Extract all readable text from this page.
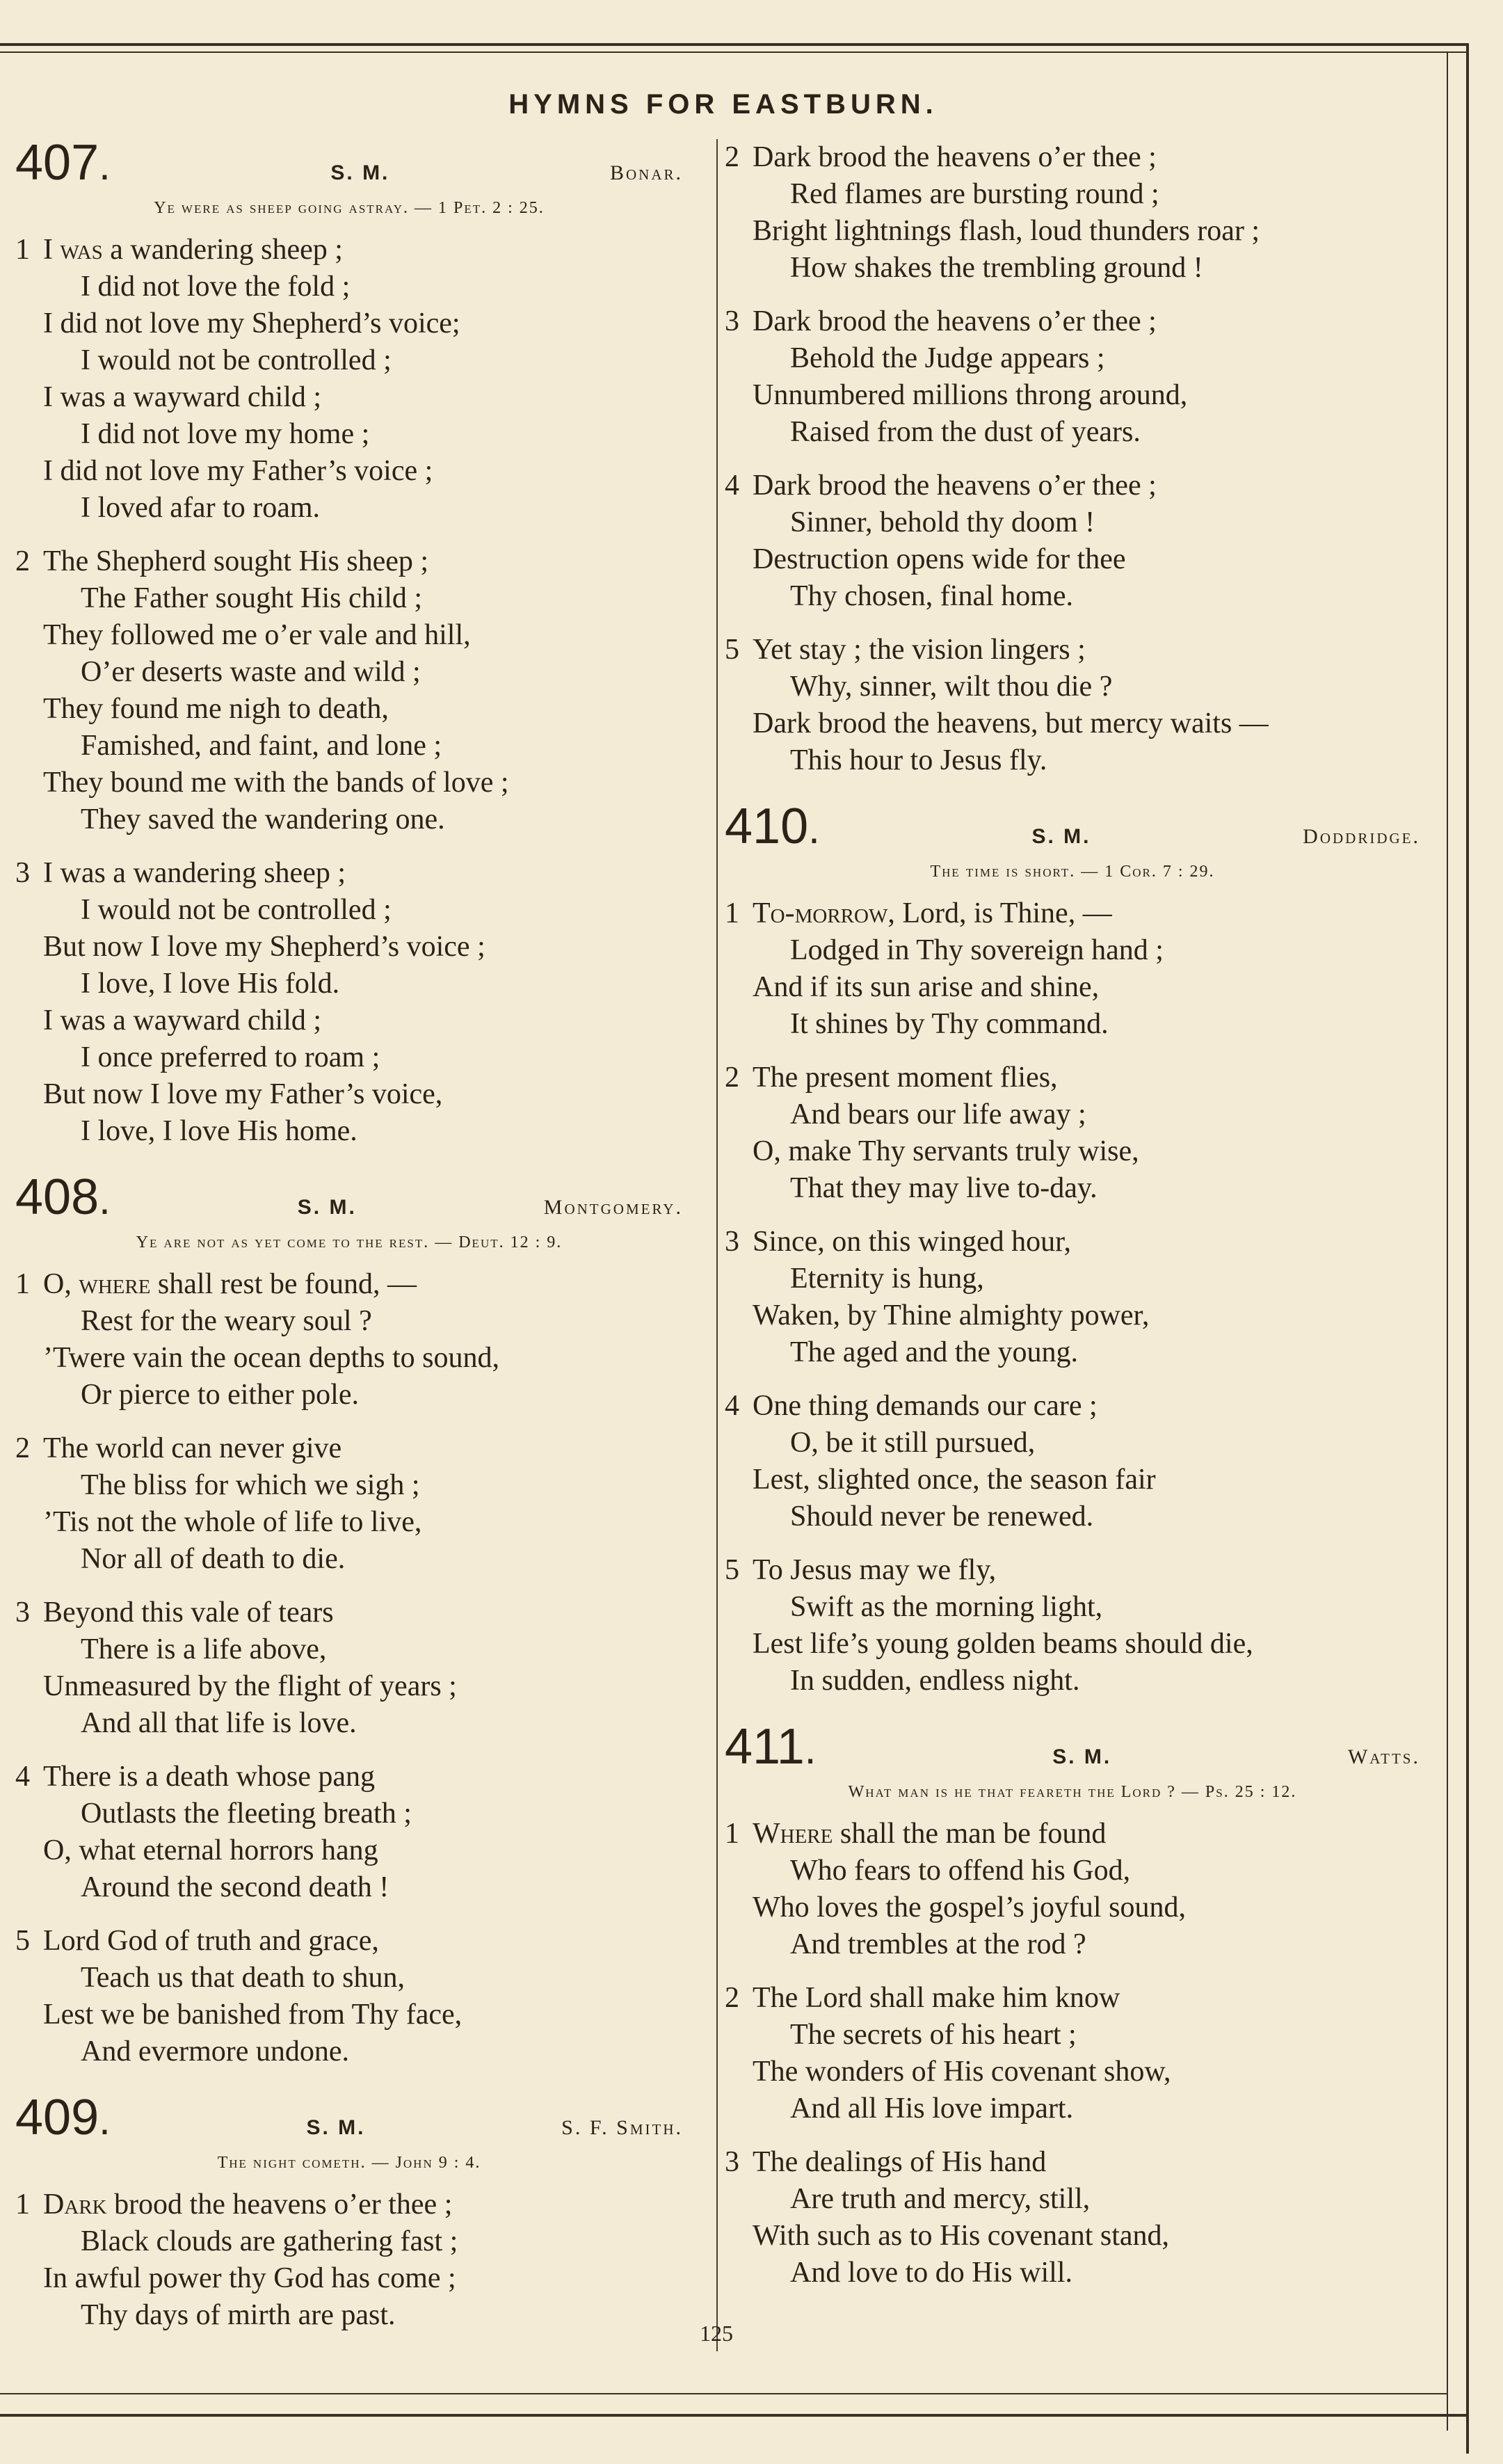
HYMNS FOR EASTBURN.
407.	S. M.	Bonar.
Ye were as sheep going astray. — 1 Pet. 2 : 25.
1 I was a wandering sheep ;
I did not love the fold ;
I did not love my Shepherd’s voice;
I would not be controlled ;
I was a wayward child ;
I did not love my home ;
I did not love my Father’s voice ;
I loved afar to roam.
2 The Shepherd sought His sheep ;
The Father sought His child ;
They followed me o’er vale and hill,
O’er deserts waste and wild ;
They found me nigh to death,
Famished, and faint, and lone ;
They bound me with the bands of love ;
They saved the wandering one.
3 I was a wandering sheep ;
I would not be controlled ;
But now I love my Shepherd’s voice ;
I love, I love His fold.
I was a wayward child ;
I once preferred to roam ;
But now I love my Father’s voice,
I love, I love His home.
408.	S. M.	Montgomery.
Ye are not as yet come to the rest. — Deut. 12 : 9.
1 O, where shall rest be found, —
Rest for the weary soul ?
’Twere vain the ocean depths to sound,
Or pierce to either pole.
2 The world can never give
The bliss for which we sigh ;
’Tis not the whole of life to live,
Nor all of death to die.
3 Beyond this vale of tears
There is a life above,
Unmeasured by the flight of years ;
And all that life is love.
4 There is a death whose pang
Outlasts the fleeting breath ;
O, what eternal horrors hang
Around the second death !
5 Lord God of truth and grace,
Teach us that death to shun,
Lest we be banished from Thy face,
And evermore undone.
409.	S. M.	S. F. Smith.
The night cometh. — John 9 : 4.
1 Dark brood the heavens o’er thee ;
Black clouds are gathering fast ;
In awful power thy God has come ;
Thy days of mirth are past.
2 Dark brood the heavens o’er thee ;
Red flames are bursting round ;
Bright lightnings flash, loud thunders roar ;
How shakes the trembling ground !
3 Dark brood the heavens o’er thee ;
Behold the Judge appears ;
Unnumbered millions throng around,
Raised from the dust of years.
4 Dark brood the heavens o’er thee ;
Sinner, behold thy doom !
Destruction opens wide for thee
Thy chosen, final home.
5 Yet stay ; the vision lingers ;
Why, sinner, wilt thou die ?
Dark brood the heavens, but mercy waits —
This hour to Jesus fly.
410.	S. M.	Doddridge.
The time is short. — 1 Cor. 7 : 29.
1 To-morrow, Lord, is Thine, —
Lodged in Thy sovereign hand ;
And if its sun arise and shine,
It shines by Thy command.
2 The present moment flies,
And bears our life away ;
O, make Thy servants truly wise,
That they may live to-day.
3 Since, on this winged hour,
Eternity is hung,
Waken, by Thine almighty power,
The aged and the young.
4 One thing demands our care ;
O, be it still pursued,
Lest, slighted once, the season fair
Should never be renewed.
5 To Jesus may we fly,
Swift as the morning light,
Lest life’s young golden beams should die,
In sudden, endless night.
411.	S. M.	Watts.
What man is he that feareth the Lord ? — Ps. 25 : 12.
1 Where shall the man be found
Who fears to offend his God,
Who loves the gospel’s joyful sound,
And trembles at the rod ?
2 The Lord shall make him know
The secrets of his heart ;
The wonders of His covenant show,
And all His love impart.
3 The dealings of His hand
Are truth and mercy, still,
With such as to His covenant stand,
And love to do His will.
125
